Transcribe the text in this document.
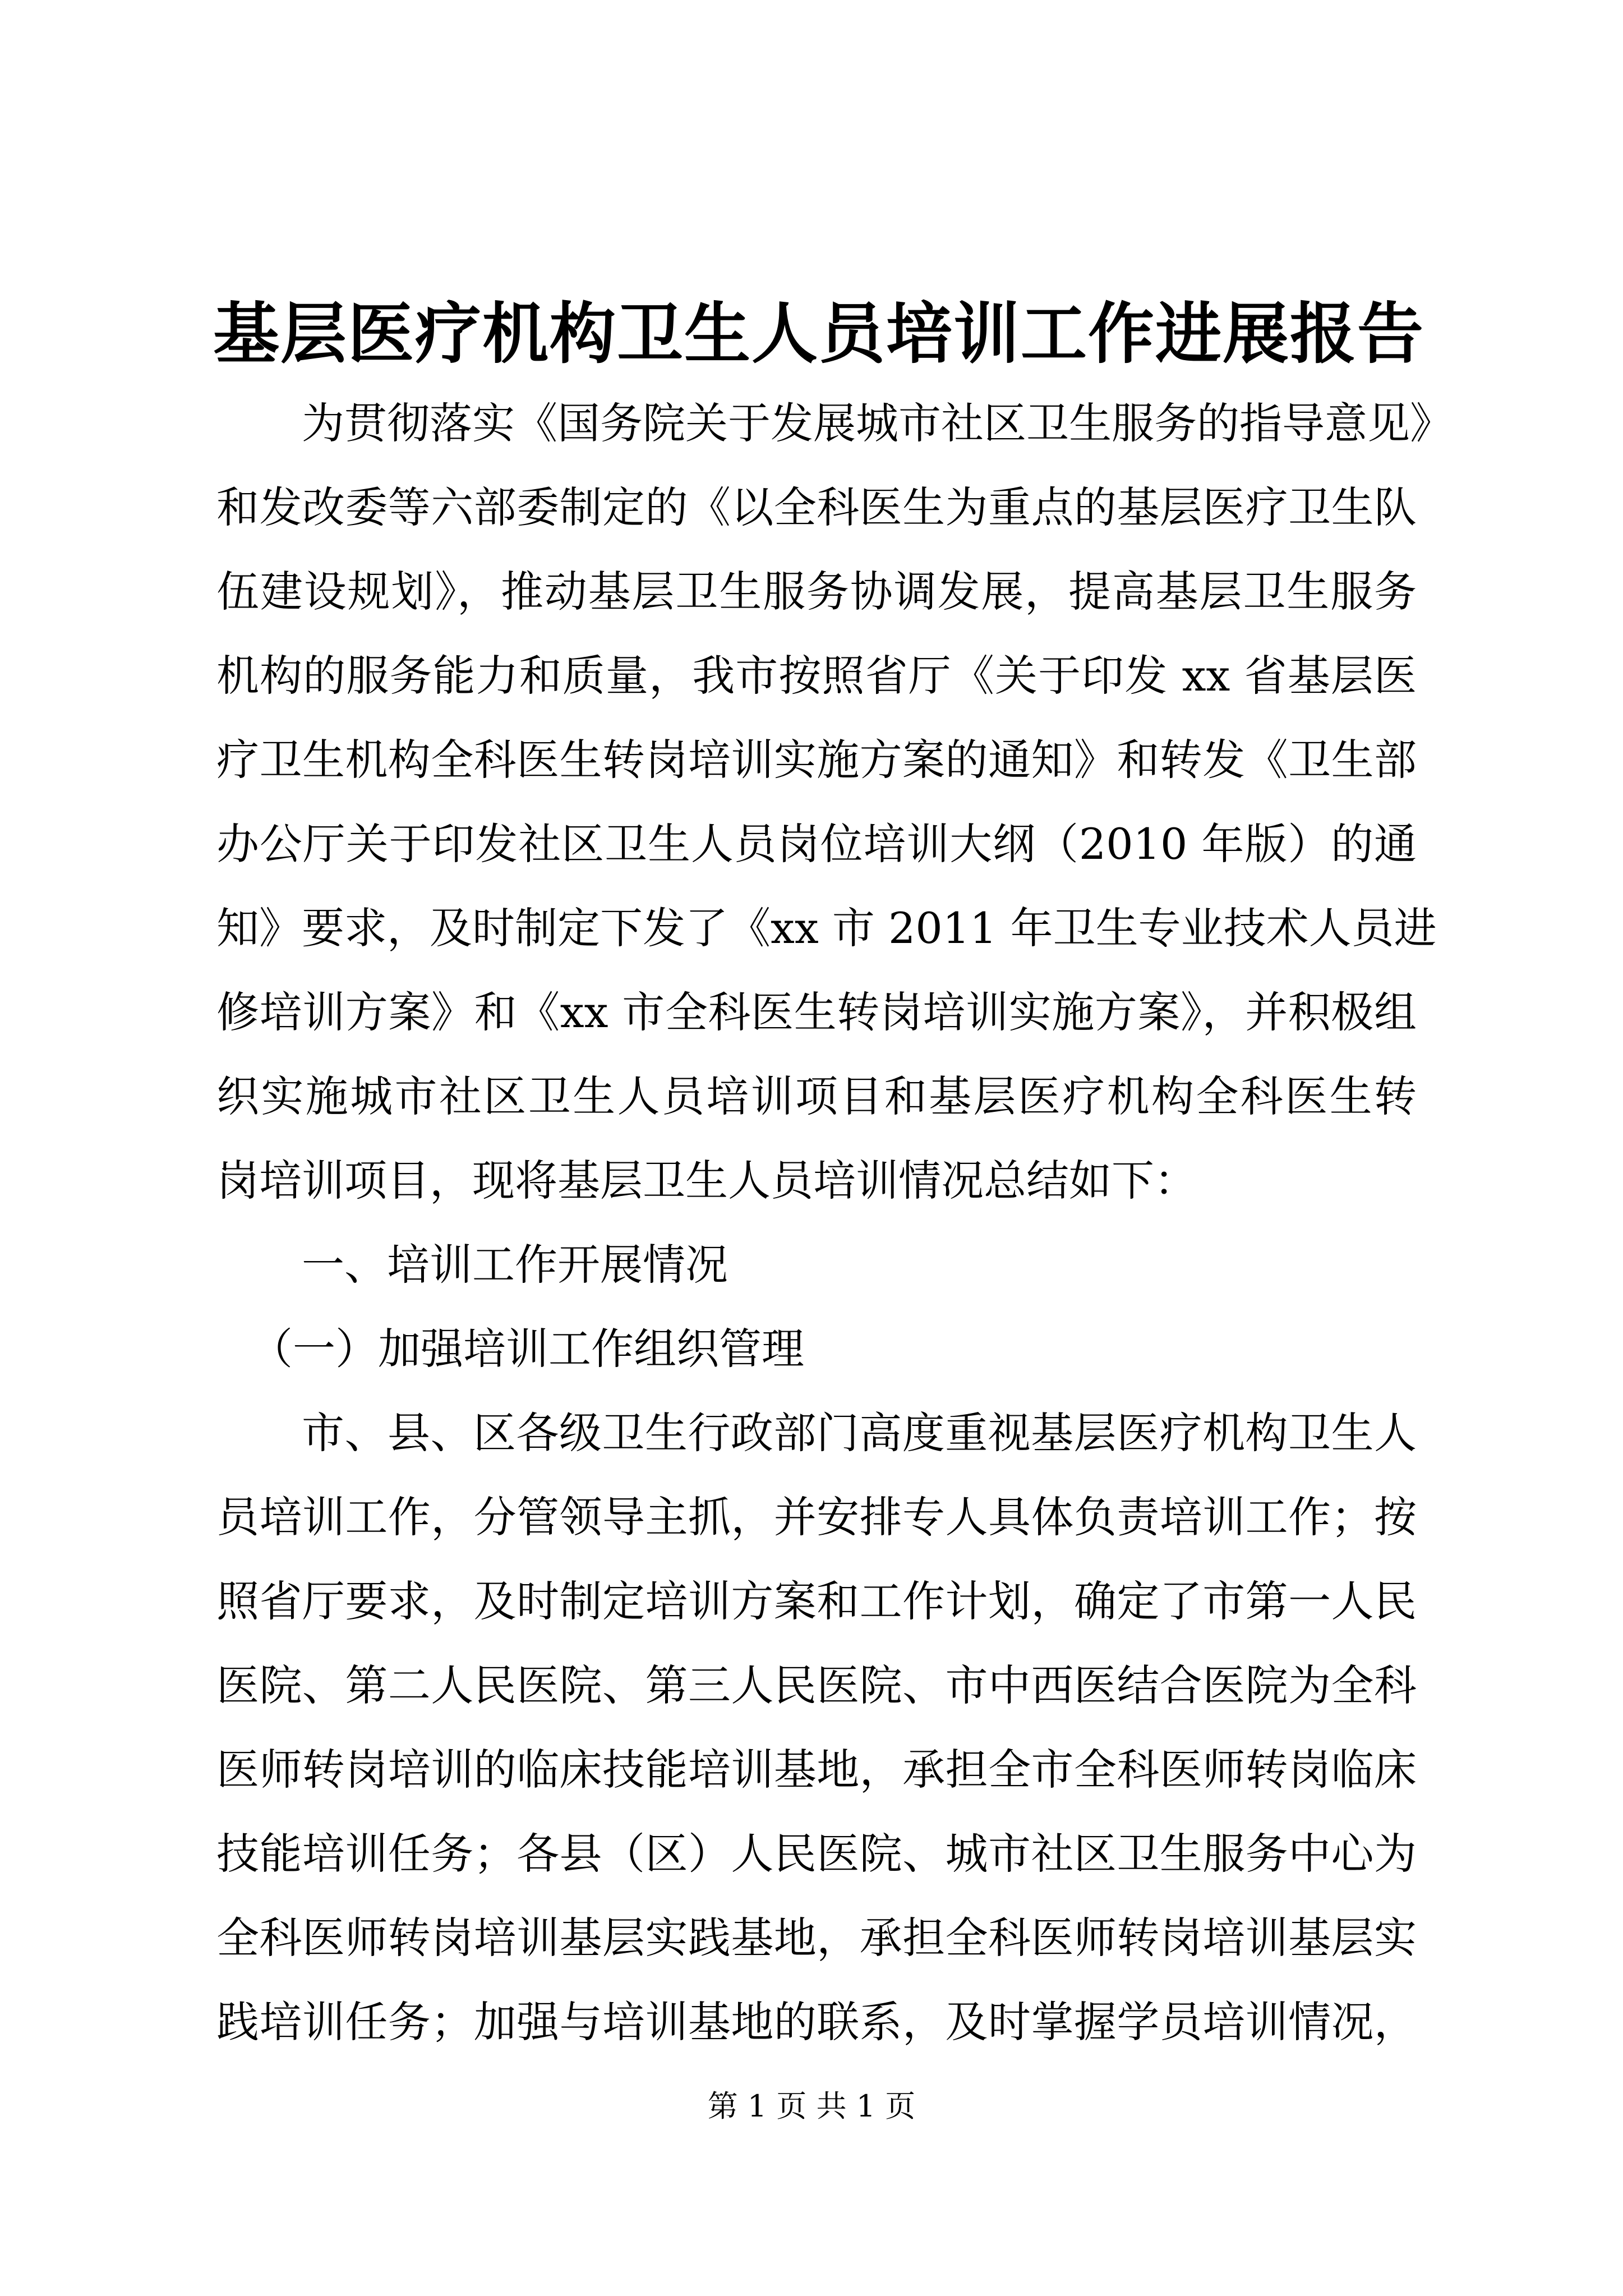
基层医疗机构卫生人员培训工作进展报告
为贯彻落实《国务院关于发展城市社区卫生服务的指导意见》
和发改委等六部委制定的《以全科医生为重点的基层医疗卫生队
伍建设规划》，推动基层卫生服务协调发展，提高基层卫生服务
机构的服务能力和质量，我市按照省厅《关于印发 xx 省基层医
疗卫生机构全科医生转岗培训实施方案的通知》和转发《卫生部
办公厅关于印发社区卫生人员岗位培训大纲（2010 年版）的通
知》要求，及时制定下发了《xx 市 2011 年卫生专业技术人员进
修培训方案》和《xx 市全科医生转岗培训实施方案》，并积极组
织实施城市社区卫生人员培训项目和基层医疗机构全科医生转
岗培训项目，现将基层卫生人员培训情况总结如下：
一、培训工作开展情况
（一）加强培训工作组织管理
市、县、区各级卫生行政部门高度重视基层医疗机构卫生人
员培训工作，分管领导主抓，并安排专人具体负责培训工作；按
照省厅要求，及时制定培训方案和工作计划，确定了市第一人民
医院、第二人民医院、第三人民医院、市中西医结合医院为全科
医师转岗培训的临床技能培训基地，承担全市全科医师转岗临床
技能培训任务；各县（区）人民医院、城市社区卫生服务中心为
全科医师转岗培训基层实践基地，承担全科医师转岗培训基层实
践培训任务；加强与培训基地的联系，及时掌握学员培训情况，
第 1 页 共 1 页
